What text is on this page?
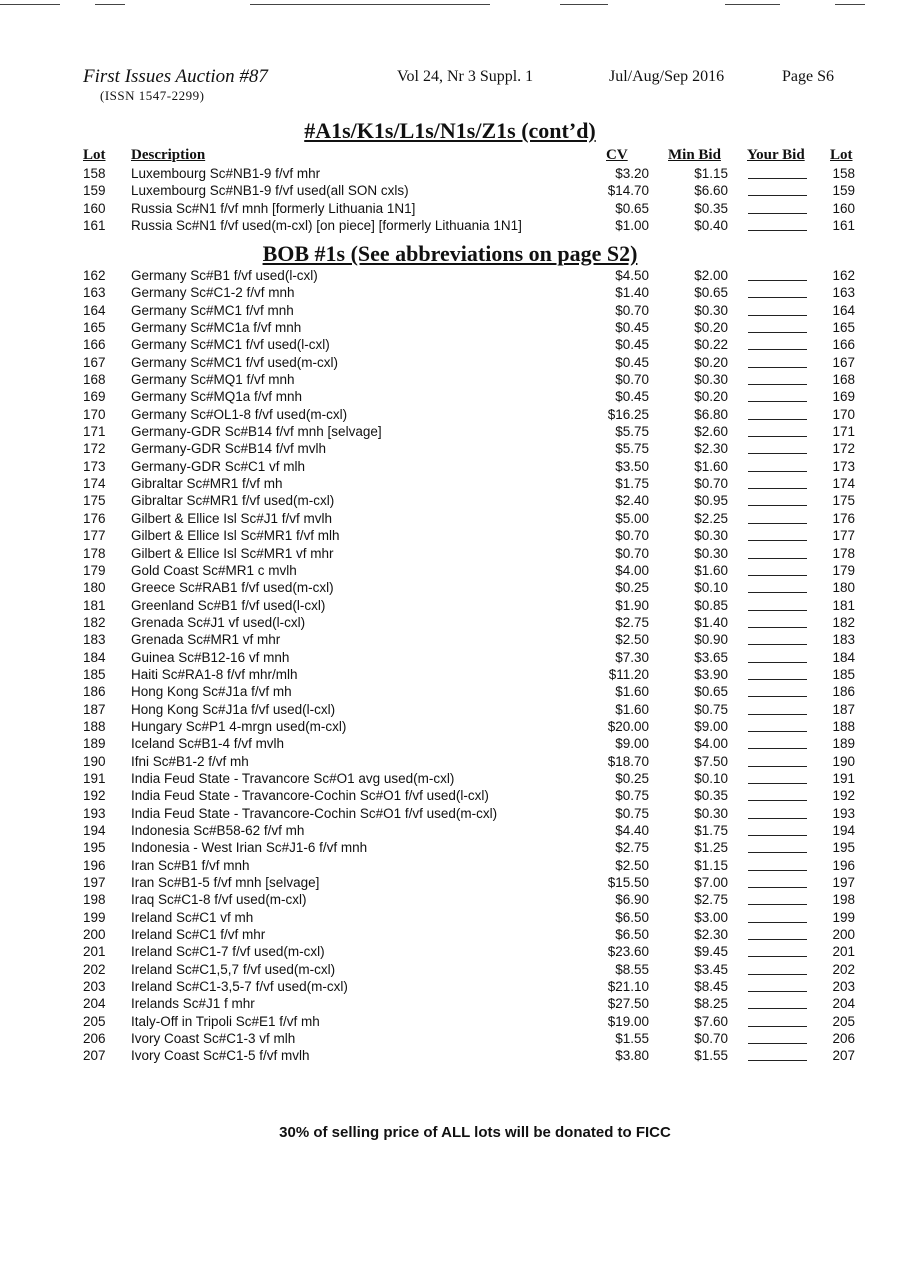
First Issues Auction #87
(ISSN 1547-2299)
Vol 24, Nr 3 Suppl. 1	Jul/Aug/Sep 2016	Page S6
#A1s/K1s/L1s/N1s/Z1s (cont’d)
Lot Description	CV	Min Bid Your Bid Lot
158 Luxembourg Sc#NB1-9 f/vf mhr	$3.20	$1.15	158
159 Luxembourg Sc#NB1-9 f/vf used(all SON cxls)	$14.70	$6.60	159
160 Russia Sc#N1 f/vf mnh [formerly Lithuania 1N1]	$0.65	$0.35	160
161 Russia Sc#N1 f/vf used(m-cxl) [on piece] [formerly Lithuania 1N1]	$1.00	$0.40	161
BOB #1s (See abbreviations on page S2)
162 Germany Sc#B1 f/vf used(l-cxl)	$4.50	$2.00	162
163 Germany Sc#C1-2 f/vf mnh	$1.40	$0.65	163
164 Germany Sc#MC1 f/vf mnh	$0.70	$0.30	164
165 Germany Sc#MC1a f/vf mnh	$0.45	$0.20	165
166 Germany Sc#MC1 f/vf used(l-cxl)	$0.45	$0.22	166
167 Germany Sc#MC1 f/vf used(m-cxl)	$0.45	$0.20	167
168 Germany Sc#MQ1 f/vf mnh	$0.70	$0.30	168
169 Germany Sc#MQ1a f/vf mnh	$0.45	$0.20	169
170 Germany Sc#OL1-8 f/vf used(m-cxl)	$16.25	$6.80	170
171 Germany-GDR Sc#B14 f/vf mnh [selvage]	$5.75	$2.60	171
172 Germany-GDR Sc#B14 f/vf mvlh	$5.75	$2.30	172
173 Germany-GDR Sc#C1 vf mlh	$3.50	$1.60	173
174 Gibraltar Sc#MR1 f/vf mh	$1.75	$0.70	174
175 Gibraltar Sc#MR1 f/vf used(m-cxl)	$2.40	$0.95	175
176 Gilbert & Ellice Isl Sc#J1 f/vf mvlh	$5.00	$2.25	176
177 Gilbert & Ellice Isl Sc#MR1 f/vf mlh	$0.70	$0.30	177
178 Gilbert & Ellice Isl Sc#MR1 vf mhr	$0.70	$0.30	178
179 Gold Coast Sc#MR1 c mvlh	$4.00	$1.60	179
180 Greece Sc#RAB1 f/vf used(m-cxl)	$0.25	$0.10	180
181 Greenland Sc#B1 f/vf used(l-cxl)	$1.90	$0.85	181
182 Grenada Sc#J1 vf used(l-cxl)	$2.75	$1.40	182
183 Grenada Sc#MR1 vf mhr	$2.50	$0.90	183
184 Guinea Sc#B12-16 vf mnh	$7.30	$3.65	184
185 Haiti Sc#RA1-8 f/vf mhr/mlh	$11.20	$3.90	185
186 Hong Kong Sc#J1a f/vf mh	$1.60	$0.65	186
187 Hong Kong Sc#J1a f/vf used(l-cxl)	$1.60	$0.75	187
188 Hungary Sc#P1 4-mrgn used(m-cxl)	$20.00	$9.00	188
189 Iceland Sc#B1-4 f/vf mvlh	$9.00	$4.00	189
190 Ifni Sc#B1-2 f/vf mh	$18.70	$7.50	190
191 India Feud State - Travancore Sc#O1 avg used(m-cxl)	$0.25	$0.10	191
192 India Feud State - Travancore-Cochin Sc#O1 f/vf used(l-cxl)	$0.75	$0.35	192
193 India Feud State - Travancore-Cochin Sc#O1 f/vf used(m-cxl)	$0.75	$0.30	193
194 Indonesia Sc#B58-62 f/vf mh	$4.40	$1.75	194
195 Indonesia - West Irian Sc#J1-6 f/vf mnh	$2.75	$1.25	195
196 Iran Sc#B1 f/vf mnh	$2.50	$1.15	196
197 Iran Sc#B1-5 f/vf mnh [selvage]	$15.50	$7.00	197
198 Iraq Sc#C1-8 f/vf used(m-cxl)	$6.90	$2.75	198
199 Ireland Sc#C1 vf mh	$6.50	$3.00	199
200 Ireland Sc#C1 f/vf mhr	$6.50	$2.30	200
201 Ireland Sc#C1-7 f/vf used(m-cxl)	$23.60	$9.45	201
202 Ireland Sc#C1,5,7 f/vf used(m-cxl)	$8.55	$3.45	202
203 Ireland Sc#C1-3,5-7 f/vf used(m-cxl)	$21.10	$8.45	203
204 Irelands Sc#J1 f mhr	$27.50	$8.25	204
205 Italy-Off in Tripoli Sc#E1 f/vf mh	$19.00	$7.60	205
206 Ivory Coast Sc#C1-3 vf mlh	$1.55	$0.70	206
207 Ivory Coast Sc#C1-5 f/vf mvlh	$3.80	$1.55	207
30% of selling price of ALL lots will be donated to FICC
